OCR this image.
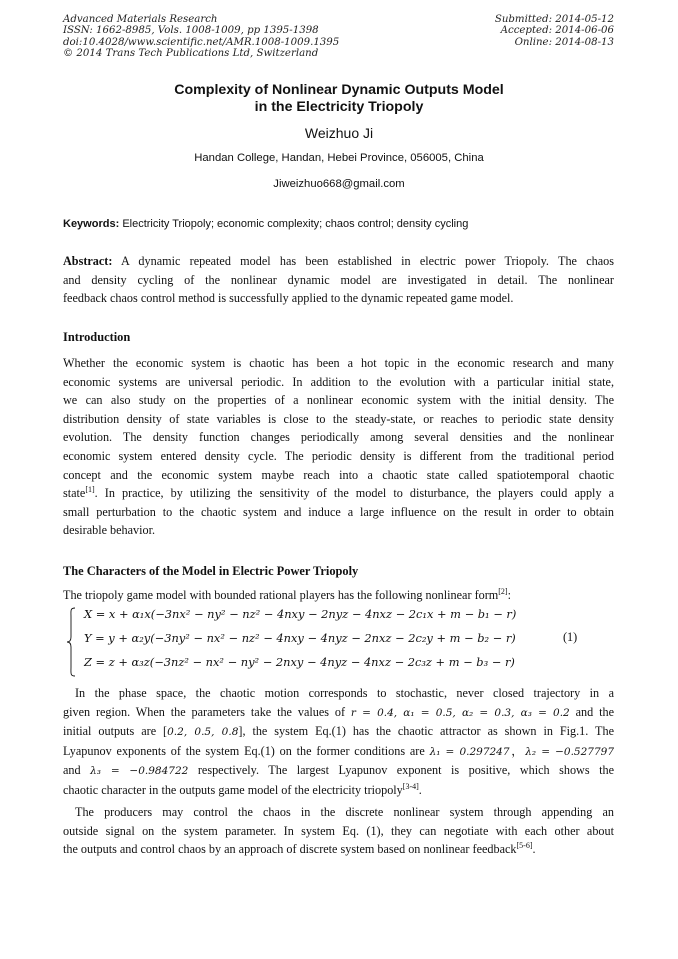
Advanced Materials Research
ISSN: 1662-8985, Vols. 1008-1009, pp 1395-1398
doi:10.4028/www.scientific.net/AMR.1008-1009.1395
© 2014 Trans Tech Publications Ltd, Switzerland
Submitted: 2014-05-12
Accepted: 2014-06-06
Online: 2014-08-13
Complexity of Nonlinear Dynamic Outputs Model
in the Electricity Triopoly
Weizhuo Ji
Handan College, Handan, Hebei Province, 056005, China
Jiweizhuo668@gmail.com
Keywords: Electricity Triopoly; economic complexity; chaos control; density cycling
Abstract: A dynamic repeated model has been established in electric power Triopoly. The chaos
and density cycling of the nonlinear dynamic model are investigated in detail. The nonlinear
feedback chaos control method is successfully applied to the dynamic repeated game model.
Introduction
Whether the economic system is chaotic has been a hot topic in the economic research and many
economic systems are universal periodic. In addition to the evolution with a particular initial state,
we can also study on the properties of a nonlinear economic system with the initial density. The
distribution density of state variables is close to the steady-state, or reaches to periodic state density
evolution. The density function changes periodically among several densities and the nonlinear
economic system entered density cycle. The periodic density is different from the traditional period
concept and the economic system maybe reach into a chaotic state called spatiotemporal chaotic
state[1]. In practice, by utilizing the sensitivity of the model to disturbance, the players could apply a
small perturbation to the chaotic system and induce a large influence on the result in order to obtain
desirable behavior.
The Characters of the Model in Electric Power Triopoly
The triopoly game model with bounded rational players has the following nonlinear form[2]:
X = x + α₁x(−3nx² − ny² − nz² − 4nxy − 2nyz − 4nxz − 2c₁x + m − b₁ − r)
Y = y + α₂y(−3ny² − nx² − nz² − 4nxy − 4nyz − 2nxz − 2c₂y + m − b₂ − r)
Z = z + α₃z(−3nz² − nx² − ny² − 2nxy − 4nyz − 4nxz − 2c₃z + m − b₃ − r)
(1)
In the phase space, the chaotic motion corresponds to stochastic, never closed trajectory in a
given region. When the parameters take the values of r = 0.4, α₁ = 0.5, α₂ = 0.3, α₃ = 0.2 and the
initial outputs are [0.2, 0.5, 0.8], the system Eq.(1) has the chaotic attractor as shown in Fig.1. The
Lyapunov exponents of the system Eq.(1) on the former conditions are λ₁ = 0.297247，λ₂ = −0.527797
and λ₃ = −0.984722 respectively. The largest Lyapunov exponent is positive, which shows the
chaotic character in the outputs game model of the electricity triopoly[3-4].
The producers may control the chaos in the discrete nonlinear system through appending an
outside signal on the system parameter. In system Eq. (1), they can negotiate with each other about
the outputs and control chaos by an approach of discrete system based on nonlinear feedback[5-6].
